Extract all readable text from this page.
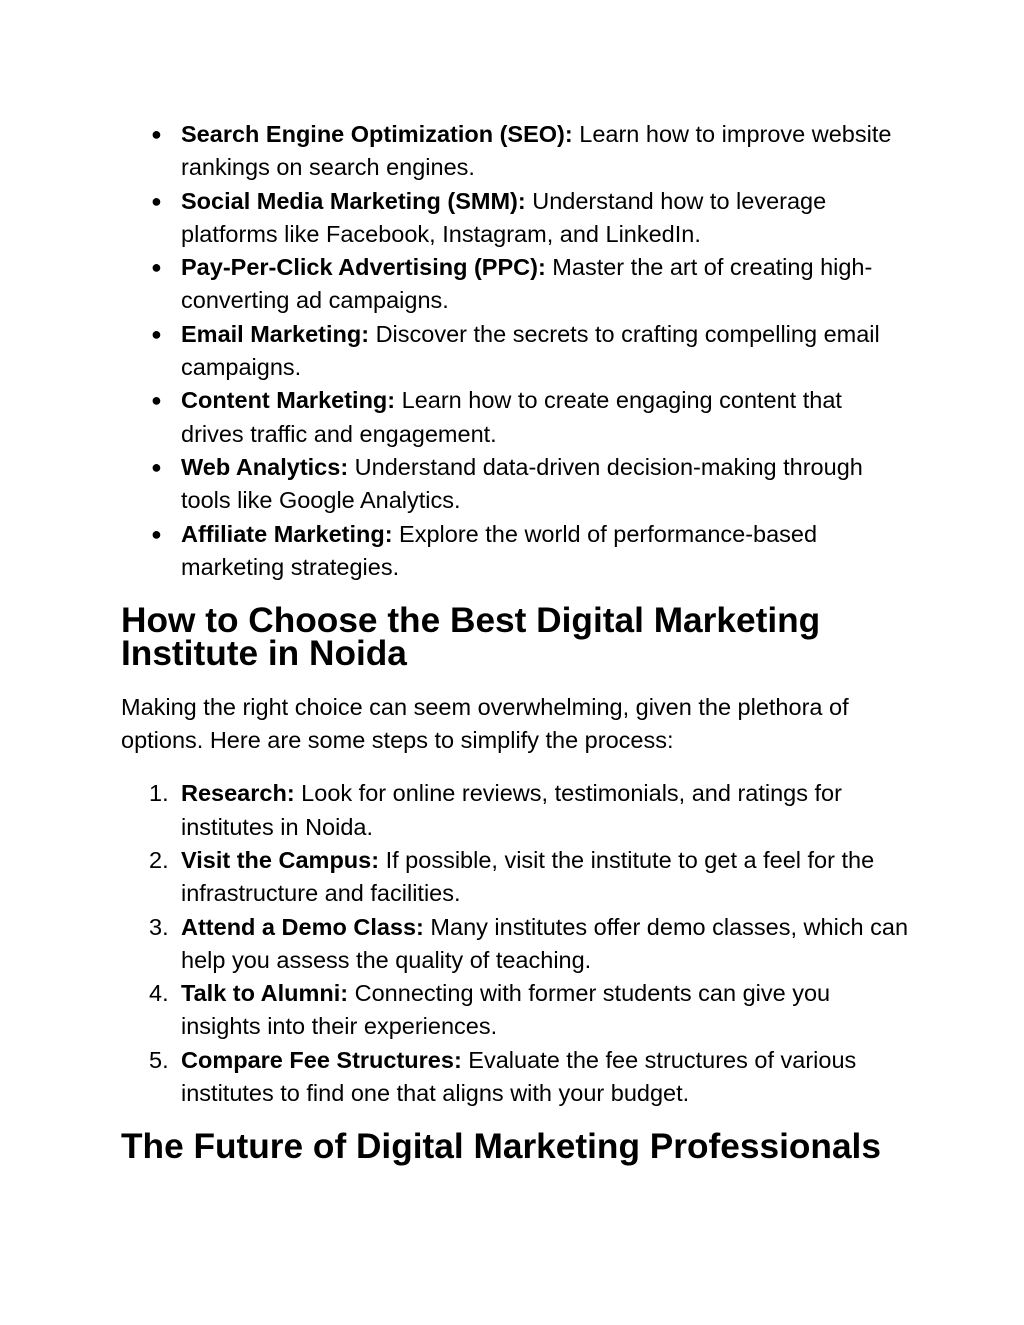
● Search Engine Optimization (SEO): Learn how to improve website rankings on search engines.
● Social Media Marketing (SMM): Understand how to leverage platforms like Facebook, Instagram, and LinkedIn.
● Pay-Per-Click Advertising (PPC): Master the art of creating high-converting ad campaigns.
● Email Marketing: Discover the secrets to crafting compelling email campaigns.
● Content Marketing: Learn how to create engaging content that drives traffic and engagement.
● Web Analytics: Understand data-driven decision-making through tools like Google Analytics.
● Affiliate Marketing: Explore the world of performance-based marketing strategies.
How to Choose the Best Digital Marketing Institute in Noida

Making the right choice can seem overwhelming, given the plethora of options. Here are some steps to simplify the process:

1. Research: Look for online reviews, testimonials, and ratings for institutes in Noida.
2. Visit the Campus: If possible, visit the institute to get a feel for the infrastructure and facilities.
3. Attend a Demo Class: Many institutes offer demo classes, which can help you assess the quality of teaching.
4. Talk to Alumni: Connecting with former students can give you insights into their experiences.
5. Compare Fee Structures: Evaluate the fee structures of various institutes to find one that aligns with your budget.
The Future of Digital Marketing Professionals
